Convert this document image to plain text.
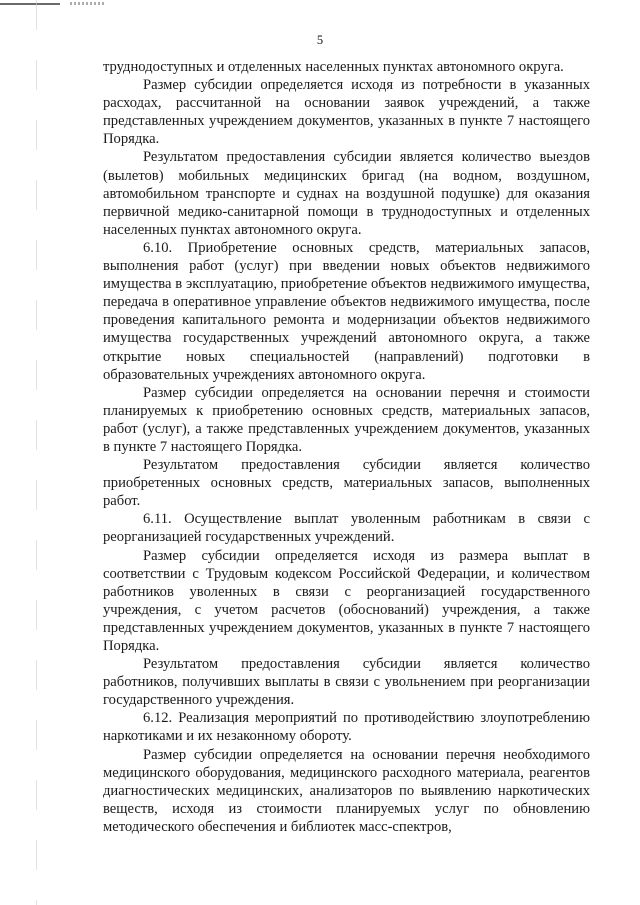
5

труднодоступных и отделенных населенных пунктах автономного округа.

Размер субсидии определяется исходя из потребности в указанных расходах, рассчитанной на основании заявок учреждений, а также представленных учреждением документов, указанных в пункте 7 настоящего Порядка.

Результатом предоставления субсидии является количество выездов (вылетов) мобильных медицинских бригад (на водном, воздушном, автомобильном транспорте и суднах на воздушной подушке) для оказания первичной медико-санитарной помощи в труднодоступных и отделенных населенных пунктах автономного округа.

6.10. Приобретение основных средств, материальных запасов, выполнения работ (услуг) при введении новых объектов недвижимого имущества в эксплуатацию, приобретение объектов недвижимого имущества, передача в оперативное управление объектов недвижимого имущества, после проведения капитального ремонта и модернизации объектов недвижимого имущества государственных учреждений автономного округа, а также открытие новых специальностей (направлений) подготовки в образовательных учреждениях автономного округа.

Размер субсидии определяется на основании перечня и стоимости планируемых к приобретению основных средств, материальных запасов, работ (услуг), а также представленных учреждением документов, указанных в пункте 7 настоящего Порядка.

Результатом предоставления субсидии является количество приобретенных основных средств, материальных запасов, выполненных работ.

6.11. Осуществление выплат уволенным работникам в связи с реорганизацией государственных учреждений.

Размер субсидии определяется исходя из размера выплат в соответствии с Трудовым кодексом Российской Федерации, и количеством работников уволенных в связи с реорганизацией государственного учреждения, с учетом расчетов (обоснований) учреждения, а также представленных учреждением документов, указанных в пункте 7 настоящего Порядка.

Результатом предоставления субсидии является количество работников, получивших выплаты в связи с увольнением при реорганизации государственного учреждения.

6.12. Реализация мероприятий по противодействию злоупотреблению наркотиками и их незаконному обороту.

Размер субсидии определяется на основании перечня необходимого медицинского оборудования, медицинского расходного материала, реагентов диагностических медицинских, анализаторов по выявлению наркотических веществ, исходя из стоимости планируемых услуг по обновлению методического обеспечения и библиотек масс-спектров,
